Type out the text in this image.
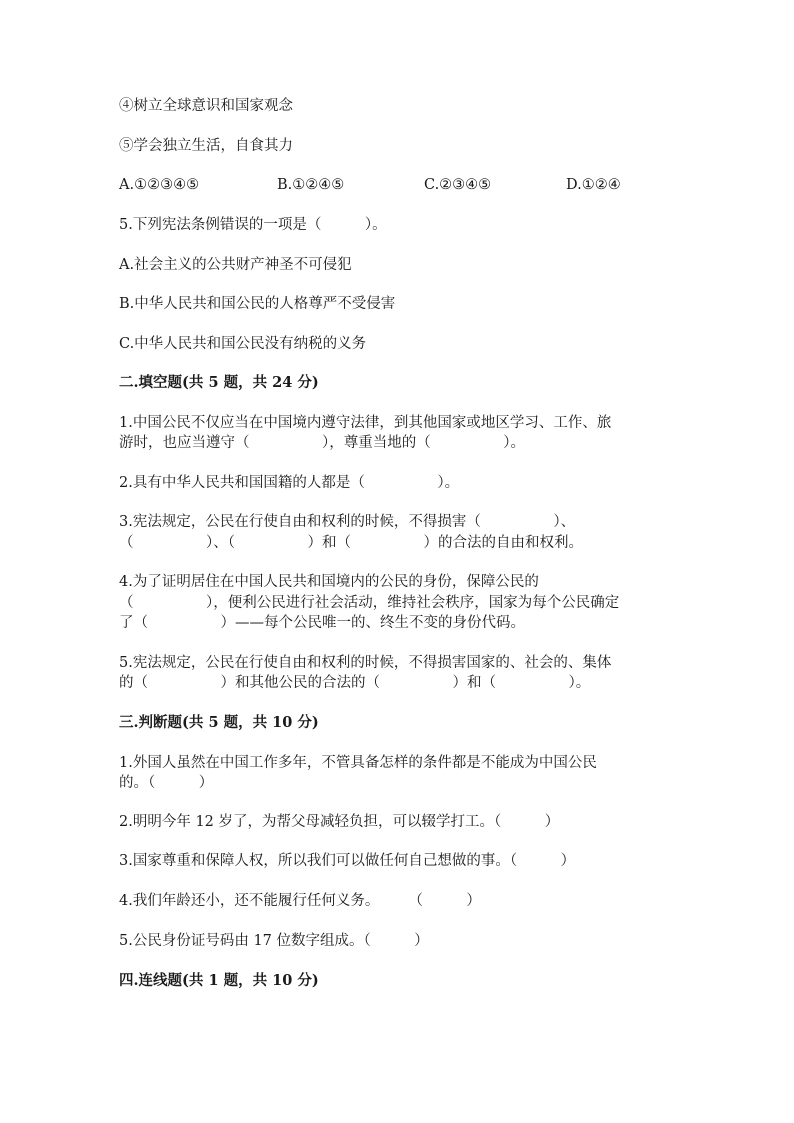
④树立全球意识和国家观念
⑤学会独立生活，自食其力
A.①②③④⑤	B.①②④⑤	C.②③④⑤	D.①②④
5.下列宪法条例错误的一项是（　　　）。
A.社会主义的公共财产神圣不可侵犯
B.中华人民共和国公民的人格尊严不受侵害
C.中华人民共和国公民没有纳税的义务
二.填空题(共 5 题，共 24 分)
1.中国公民不仅应当在中国境内遵守法律，到其他国家或地区学习、工作、旅
游时，也应当遵守（　　　　　），尊重当地的（　　　　　）。
2.具有中华人民共和国国籍的人都是（　　　　　）。
3.宪法规定，公民在行使自由和权利的时候，不得损害（　　　　　）、
（　　　　　）、（　　　　　）和（　　　　　）的合法的自由和权利。
4.为了证明居住在中国人民共和国境内的公民的身份，保障公民的
（　　　　　），便利公民进行社会活动，维持社会秩序，国家为每个公民确定
了（　　　　　）——每个公民唯一的、终生不变的身份代码。
5.宪法规定，公民在行使自由和权利的时候，不得损害国家的、社会的、集体
的（　　　　　）和其他公民的合法的（　　　　　）和（　　　　　）。
三.判断题(共 5 题，共 10 分)
1.外国人虽然在中国工作多年，不管具备怎样的条件都是不能成为中国公民
的。（　　　）
2.明明今年 12 岁了，为帮父母减轻负担，可以辍学打工。（　　　）
3.国家尊重和保障人权，所以我们可以做任何自己想做的事。（　　　）
4.我们年龄还小，还不能履行任何义务。　　　（　　　）
5.公民身份证号码由 17 位数字组成。（　　　）
四.连线题(共 1 题，共 10 分)
